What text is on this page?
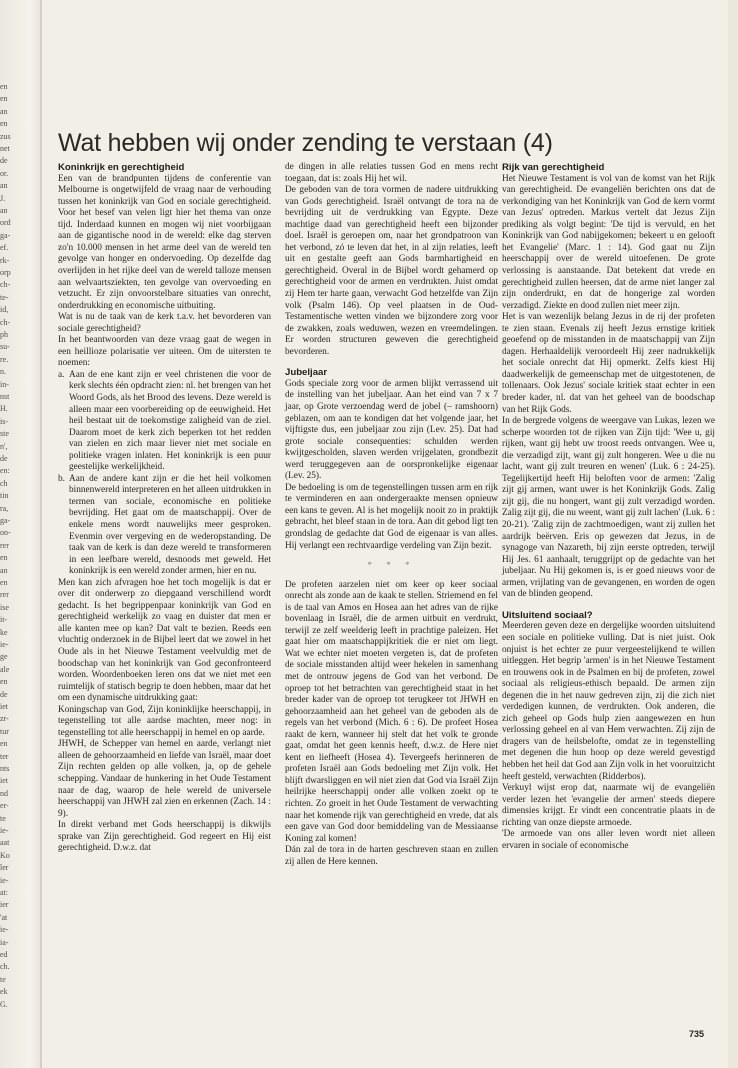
en
en
an
en
zus
net
de
or.
an
J.
an
ord
ga-
ef.
rk-
orp
ch-
te-
id,
ch-
ph
su-
re.
n.
in-
nst
H.
is-
ste
n',
de
en:
ch
tin
ra,
ga-
on-
rer
en
an
en
rer
ise
it-
ke
ie-
ge
ale
en
de
iet
zr-
tur
en
ter
nts
iet
nd
er-
te
ie-
aat
Ko
ler
ie-
at:
ier
'at
ie-
ia-
ed
ch.
te
ek
G.
Wat hebben wij onder zending te verstaan (4)
Koninkrijk en gerechtigheid

Een van de brandpunten tijdens de conferentie van Melbourne is ongetwijfeld de vraag naar de verhouding tussen het koninkrijk van God en sociale gerechtigheid. Voor het besef van velen ligt hier het thema van onze tijd. Inderdaad kunnen en mogen wij niet voorbijgaan aan de gigantische nood in de wereld: elke dag sterven zo'n 10.000 mensen in het arme deel van de wereld ten gevolge van honger en ondervoeding. Op dezelfde dag overlijden in het rijke deel van de wereld talloze mensen aan welvaartsziekten, ten gevolge van overvoeding en vetzucht. Er zijn onvoorstelbare situaties van onrecht, onderdrukking en economische uitbuiting.

Wat is nu de taak van de kerk t.a.v. het bevorderen van sociale gerechtigheid?

In het beantwoorden van deze vraag gaat de wegen in een heillioze polarisatie ver uiteen. Om de uitersten te noemen:

a. Aan de ene kant zijn er veel christenen die voor de kerk slechts één opdracht zien: nl. het brengen van het Woord Gods, als het Brood des levens. Deze wereld is alleen maar een voorbereiding op de eeuwigheid. Het heil bestaat uit de toekomstige zaligheid van de ziel. Daarom moet de kerk zich beperken tot het redden van zielen en zich maar liever niet met sociale en politieke vragen inlaten. Het koninkrijk is een puur geestelijke werkelijkheid.
b. Aan de andere kant zijn er die het heil volkomen binnenwereld interpreteren en het alleen uitdrukken in termen van sociale, economische en politieke bevrijding. Het gaat om de maatschappij. Over de enkele mens wordt nauwelijks meer gesproken. Evenmin over vergeving en de wederopstanding. De taak van de kerk is dan deze wereld te transformeren in een leefbare wereld, desnoods met geweld. Het koninkrijk is een wereld zonder armen, hier en nu.

Men kan zich afvragen hoe het toch mogelijk is dat er over dit onderwerp zo diepgaand verschillend wordt gedacht. Is het begrippenpaar koninkrijk van God en gerechtigheid werkelijk zo vaag en duister dat men er alle kanten mee op kan? Dat valt te bezien. Reeds een vluchtig onderzoek in de Bijbel leert dat we zowel in het Oude als in het Nieuwe Testament veelvuldig met de boodschap van het koninkrijk van God geconfronteerd worden. Woordenboeken leren ons dat we niet met een ruimtelijk of statisch begrip te doen hebben, maar dat het om een dynamische uitdrukking gaat:

Koningschap van God, Zijn koninklijke heerschappij, in tegenstelling tot alle aardse machten, meer nog: in tegenstelling tot alle heerschappij in hemel en op aarde.

JHWH, de Schepper van hemel en aarde, verlangt niet alleen de gehoorzaamheid en liefde van Israël, maar doet Zijn rechten gelden op alle volken, ja, op de gehele schepping. Vandaar de hunkering in het Oude Testament naar de dag, waarop de hele wereld de universele heerschappij van JHWH zal zien en erkennen (Zach. 14 : 9).

In direkt verband met Gods heerschappij is dikwijls sprake van Zijn gerechtigheid. God regeert en Hij eist gerechtigheid. D.w.z. dat

de dingen in alle relaties tussen God en mens recht toegaan, dat is: zoals Hij het wil.

De geboden van de tora vormen de nadere uitdrukking van Gods gerechtigheid. Israël ontvangt de tora na de bevrijding uit de verdrukking van Egypte. Deze machtige daad van gerechtigheid heeft een bijzonder doel. Israël is geroepen om, naar het grondpatroon van het verbond, zó te leven dat het, in al zijn relaties, leeft uit en gestalte geeft aan Gods barmhartigheid en gerechtigheid. Overal in de Bijbel wordt gehamerd op gerechtigheid voor de armen en verdrukten. Juist omdat zij Hem ter harte gaan, verwacht God hetzelfde van Zijn volk (Psalm 146). Op veel plaatsen in de Oud-Testamentische wetten vinden we bijzondere zorg voor de zwakken, zoals weduwen, wezen en vreemdelingen. Er worden structuren geweven die gerechtigheid bevorderen.

Jubeljaar

Gods speciale zorg voor de armen blijkt verrassend uit de instelling van het jubeljaar. Aan het eind van 7 x 7 jaar, op Grote verzoendag werd de jobel (– ramshoorn) geblazen, om aan te kondigen dat het volgende jaar, het vijftigste dus, een jubeljaar zou zijn (Lev. 25). Dat had grote sociale consequenties: schulden werden kwijtgescholden, slaven werden vrijgelaten, grondbezit werd teruggegeven aan de oorspronkelijke eigenaar (Lev. 25).

De bedoeling is om de tegenstellingen tussen arm en rijk te verminderen en aan ondergeraakte mensen opnieuw een kans te geven. Al is het mogelijk nooit zo in praktijk gebracht, het bleef staan in de tora. Aan dit gebod ligt ten grondslag de gedachte dat God de eigenaar is van alles. Hij verlangt een rechtvaardige verdeling van Zijn bezit.

* * *

De profeten aarzelen niet om keer op keer sociaal onrecht als zonde aan de kaak te stellen. Striemend en fel is de taal van Amos en Hosea aan het adres van de rijke bovenlaag in Israël, die de armen uitbuit en verdrukt, terwijl ze zelf weelderig leeft in prachtige paleizen. Het gaat hier om maatschappijkritiek die er niet om liegt. Wat we echter niet moeten vergeten is, dat de profeten de sociale misstanden altijd weer hekelen in samenhang met de ontrouw jegens de God van het verbond. De oproep tot het betrachten van gerechtigheid staat in het breder kader van de oproep tot terugkeer tot JHWH en gehoorzaamheid aan het geheel van de geboden als de regels van het verbond (Mich. 6 : 6). De profeet Hosea raakt de kern, wanneer hij stelt dat het volk te gronde gaat, omdat het geen kennis heeft, d.w.z. de Here niet kent en liefheeft (Hosea 4). Tevergeefs herinneren de profeten Israël aan Gods bedoeling met Zijn volk. Het blijft dwarsliggen en wil niet zien dat God via Israël Zijn heilrijke heerschappij onder alle volken zoekt op te richten. Zo groeit in het Oude Testament de verwachting naar het komende rijk van gerechtigheid en vrede, dat als een gave van God door bemiddeling van de Messiaanse Koning zal komen!

Dán zal de tora in de harten geschreven staan en zullen zij allen de Here kennen.

Rijk van gerechtigheid

Het Nieuwe Testament is vol van de komst van het Rijk van gerechtigheid. De evangeliën berichten ons dat de verkondiging van het Koninkrijk van God de kern vormt van Jezus' optreden. Markus vertelt dat Jezus Zijn prediking als volgt begint: 'De tijd is vervuld, en het Koninkrijk van God nabijgekomen; bekeert u en gelooft het Evangelie' (Marc. 1 : 14). God gaat nu Zijn heerschappij over de wereld uitoefenen. De grote verlossing is aanstaande. Dat betekent dat vrede en gerechtigheid zullen heersen, dat de arme niet langer zal zijn onderdrukt, en dat de hongerige zal worden verzadigd. Ziekte en dood zullen niet meer zijn.

Het is van wezenlijk belang Jezus in de rij der profeten te zien staan. Evenals zij heeft Jezus ernstige kritiek geoefend op de misstanden in de maatschappij van Zijn dagen. Herhaaldelijk veroordeelt Hij zeer nadrukkelijk het sociale onrecht dat Hij opmerkt. Zelfs kiest Hij daadwerkelijk de gemeenschap met de uitgestotenen, de tollenaars. Ook Jezus' sociale kritiek staat echter in een breder kader, nl. dat van het geheel van de boodschap van het Rijk Gods.

In de bergrede volgens de weergave van Lukas, lezen we scherpe woorden tot de rijken van Zijn tijd: 'Wee u, gij rijken, want gij hebt uw troost reeds ontvangen. Wee u, die verzadigd zijt, want gij zult hongeren. Wee u die nu lacht, want gij zult treuren en wenen' (Luk. 6 : 24-25). Tegelijkertijd heeft Hij beloften voor de armen: 'Zalig zijt gij armen, want uwer is het Koninkrijk Gods. Zalig zijt gij, die nu hongert, want gij zult verzadigd worden. Zalig zijt gij, die nu weent, want gij zult lachen' (Luk. 6 : 20-21). 'Zalig zijn de zachtmoedigen, want zij zullen het aardrijk beërven. Eris op gewezen dat Jezus, in de synagoge van Nazareth, bij zijn eerste optreden, terwijl Hij Jes. 61 aanhaalt, teruggrijpt op de gedachte van het jubeljaar. Nu Hij gekomen is, is er goed nieuws voor de armen, vrijlating van de gevangenen, en worden de ogen van de blinden geopend.

Uitsluitend sociaal?

Meerderen geven deze en dergelijke woorden uitsluitend een sociale en politieke vulling. Dat is niet juist. Ook onjuist is het echter ze puur vergeestelijkend te willen uitleggen. Het begrip 'armen' is in het Nieuwe Testament en trouwens ook in de Psalmen en bij de profeten, zowel sociaal als religieus-ethisch bepaald. De armen zijn degenen die in het nauw gedreven zijn, zij die zich niet verdedigen kunnen, de verdrukten. Ook anderen, die zich geheel op Gods hulp zien aangewezen en hun verlossing geheel en al van Hem verwachten. Zij zijn de dragers van de heilsbelofte, omdat ze in tegenstelling met degenen die hun hoop op deze wereld gevestigd hebben het heil dat God aan Zijn volk in het vooruitzicht heeft gesteld, verwachten (Ridderbos).

Verkuyl wijst erop dat, naarmate wij de evangeliën verder lezen het 'evangelie der armen' steeds diepere dimensies krijgt. Er vindt een concentratie plaats in de richting van onze diepste armoede.

'De armoede van ons aller leven wordt niet alleen ervaren in sociale of economische

735
